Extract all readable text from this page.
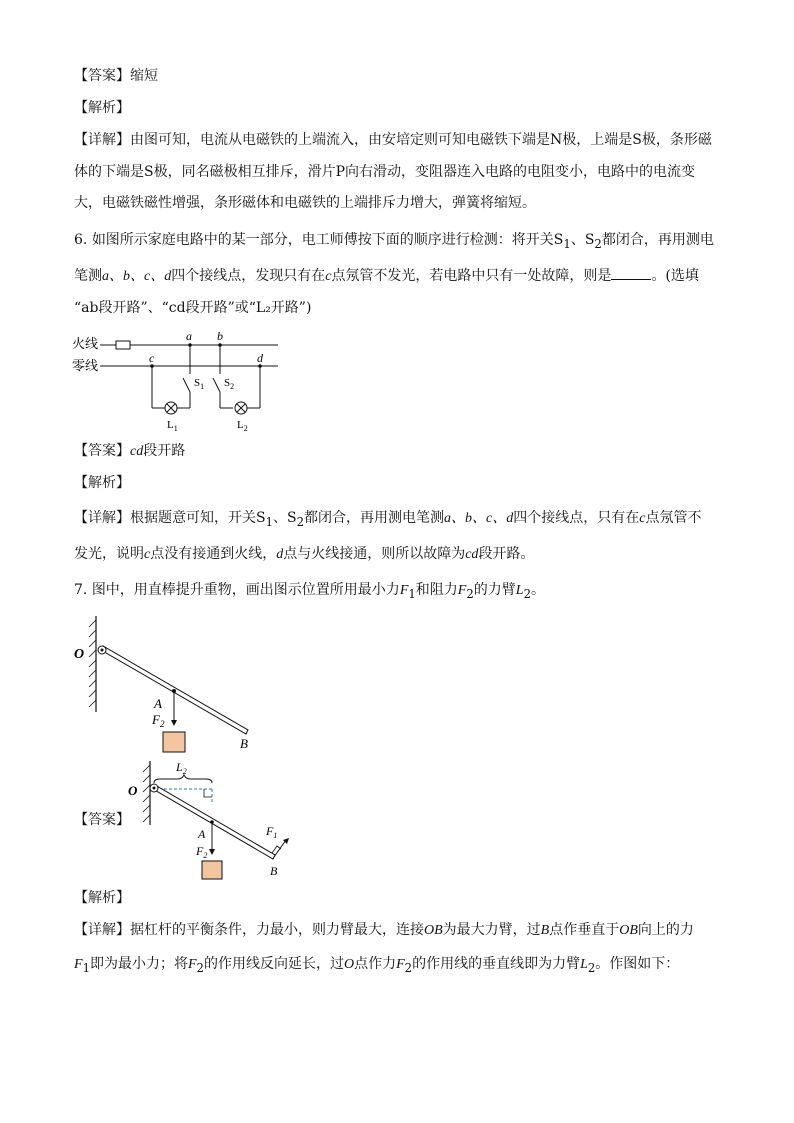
【答案】缩短
【解析】
【详解】由图可知，电流从电磁铁的上端流入，由安培定则可知电磁铁下端是N极，上端是S极，条形磁
体的下端是S极，同名磁极相互排斥，滑片P向右滑动，变阻器连入电路的电阻变小，电路中的电流变
大，电磁铁磁性增强，条形磁体和电磁铁的上端排斥力增大，弹簧将缩短。
6. 如图所示家庭电路中的某一部分，电工师傅按下面的顺序进行检测：将开关$S_1$、$S_2$都闭合，再用测电
笔测a、b、c、d四个接线点，发现只有在c点氖管不发光，若电路中只有一处故障，则是	。(选填
“ab段开路”、“cd段开路”或“L₂开路”)
火线
零线
a b
c	d
$S_1$
$L_1$
$S_2$
$L_2$
【答案】cd段开路
【解析】
【详解】根据题意可知，开关$S_1$、$S_2$都闭合，再用测电笔测a、b、c、d四个接线点，只有在c点氖管不
发光，说明c点没有接通到火线，d点与火线接通，则所以故障为cd段开路。
7. 图中，用直棒提升重物，画出图示位置所用最小力$F_1$和阻力$F_2$的力臂$L_2$。
O
A
$F_2$
B
【答案】
O
$L_2$
A
$F_2$
$F_1$
B
【解析】
【详解】据杠杆的平衡条件，力最小，则力臂最大，连接OB为最大力臂，过B点作垂直于OB向上的力
$F_1$即为最小力；将$F_2$的作用线反向延长，过O点作力$F_2$的作用线的垂直线即为力臂$L_2$。作图如下：
